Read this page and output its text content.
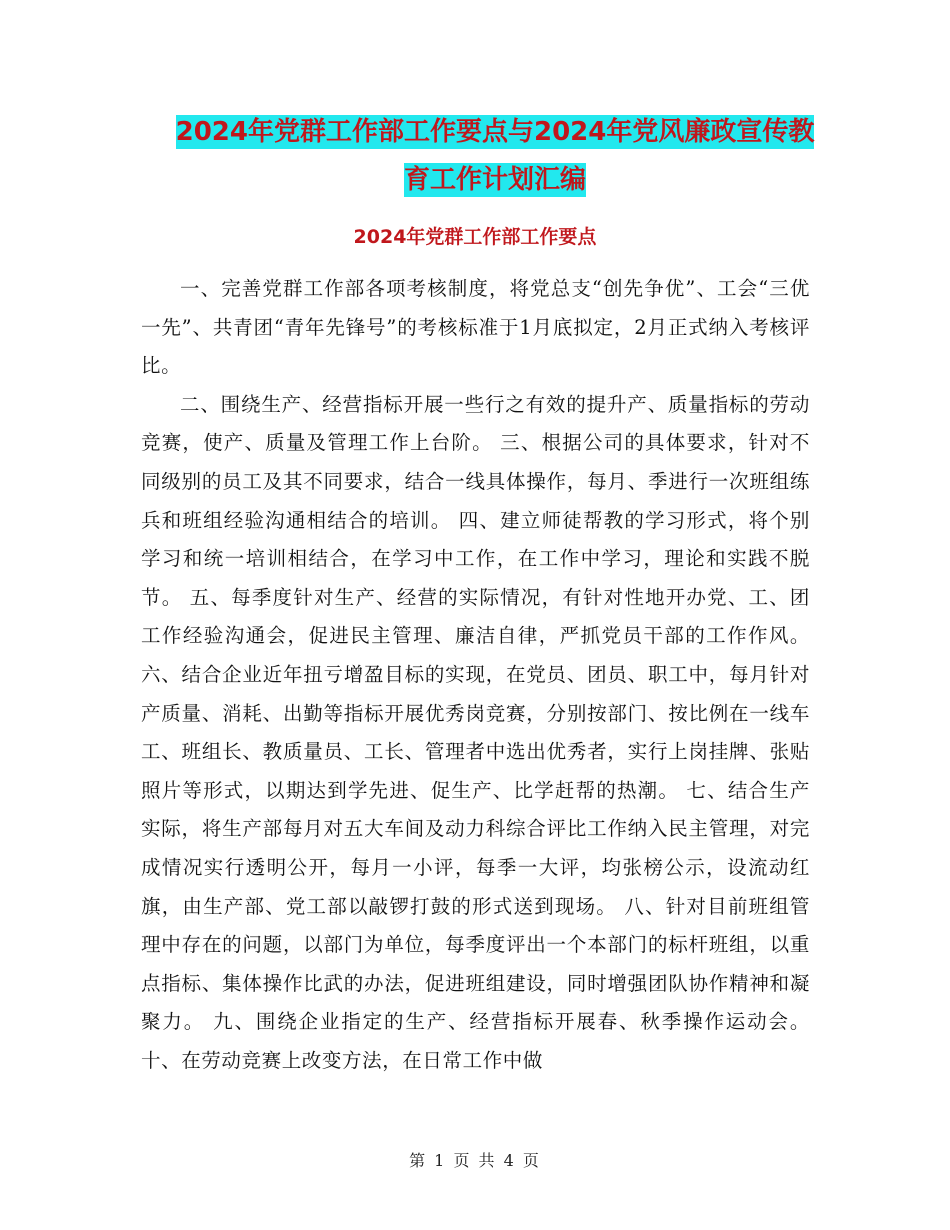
2024年党群工作部工作要点与2024年党风廉政宣传教
育工作计划汇编
2024年党群工作部工作要点

一、完善党群工作部各项考核制度，将党总支“创先争优”、工会“三优一先”、共青团“青年先锋号”的考核标准于1月底拟定，2月正式纳入考核评比。

二、围绕生产、经营指标开展一些行之有效的提升产、质量指标的劳动竞赛，使产、质量及管理工作上台阶。 三、根据公司的具体要求，针对不同级别的员工及其不同要求，结合一线具体操作，每月、季进行一次班组练兵和班组经验沟通相结合的培训。 四、建立师徒帮教的学习形式，将个别学习和统一培训相结合，在学习中工作，在工作中学习，理论和实践不脱节。 五、每季度针对生产、经营的实际情况，有针对性地开办党、工、团工作经验沟通会，促进民主管理、廉洁自律，严抓党员干部的工作作风。 六、结合企业近年扭亏增盈目标的实现，在党员、团员、职工中，每月针对产质量、消耗、出勤等指标开展优秀岗竞赛，分别按部门、按比例在一线车工、班组长、教质量员、工长、管理者中选出优秀者，实行上岗挂牌、张贴照片等形式，以期达到学先进、促生产、比学赶帮的热潮。 七、结合生产实际，将生产部每月对五大车间及动力科综合评比工作纳入民主管理，对完成情况实行透明公开，每月一小评，每季一大评，均张榜公示，设流动红旗，由生产部、党工部以敲锣打鼓的形式送到现场。 八、针对目前班组管理中存在的问题，以部门为单位，每季度评出一个本部门的标杆班组，以重点指标、集体操作比武的办法，促进班组建设，同时增强团队协作精神和凝聚力。 九、围绕企业指定的生产、经营指标开展春、秋季操作运动会。 十、在劳动竞赛上改变方法，在日常工作中做

第 1 页 共 4 页
